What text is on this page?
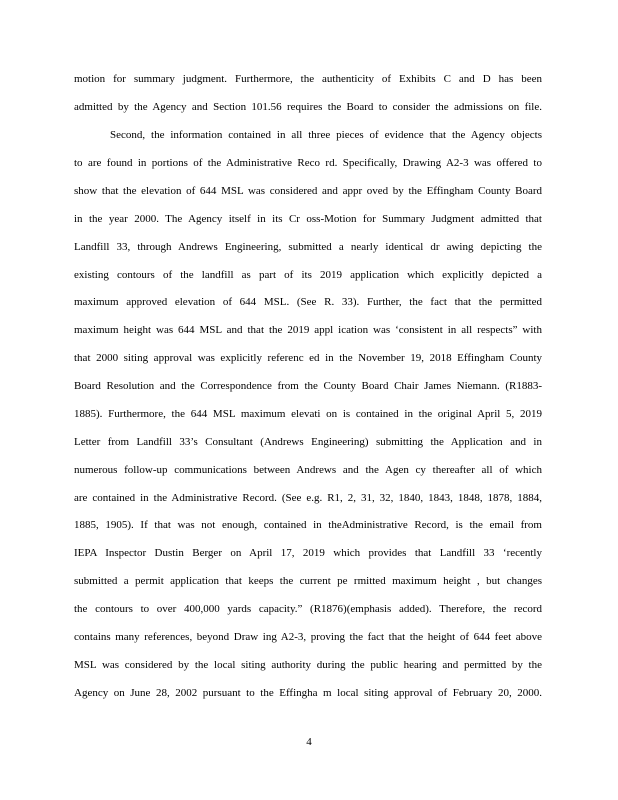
motion for summary judgment. Furthermore, the authenticity of Exhibits C and D has been
admitted by the Agency and Section 101.56 requires the Board to consider the admissions on file.
Second, the information contained in all three pieces of evidence that the Agency objects
to are found in portions of the Administrative Reco rd. Specifically, Drawing A2-3 was offered to
show that the elevation of 644 MSL was considered and appr oved by the Effingham County Board
in the year 2000. The Agency itself in its Cr oss-Motion for Summary Judgment admitted that
Landfill 33, through Andrews Engineering, submitted a nearly identical dr awing depicting the
existing contours of the landfill as part of its 2019 application which explicitly depicted a
maximum approved elevation of 644 MSL. (See R. 33). Further, the fact that the permitted
maximum height was 644 MSL and that the 2019 appl ication was ‘consistent in all respects” with
that 2000 siting approval was explicitly referenc ed in the November 19, 2018 Effingham County
Board Resolution and the Correspondence from the County Board Chair James Niemann. (R1883-
1885). Furthermore, the 644 MSL maximum elevati on is contained in the original April 5, 2019
Letter from Landfill 33’s Consultant (Andrews Engineering) submitting the Application and in
numerous follow-up communications between Andrews and the Agen cy thereafter all of which
are contained in the Administrative Record. (See e.g. R1, 2, 31, 32, 1840, 1843, 1848, 1878, 1884,
1885, 1905). If that was not enough, contained in theAdministrative Record, is the email from
IEPA Inspector Dustin Berger on April 17, 2019 which provides that Landfill 33 ‘recently
submitted a permit application that keeps the current pe rmitted maximum height , but changes
the contours to over 400,000 yards capacity.” (R1876)(emphasis added). Therefore, the record
contains many references, beyond Draw ing A2-3, proving the fact that the height of 644 feet above
MSL was considered by the local siting authority during the public hearing and permitted by the
Agency on June 28, 2002 pursuant to the Effingha m local siting approval of February 20, 2000.
4
